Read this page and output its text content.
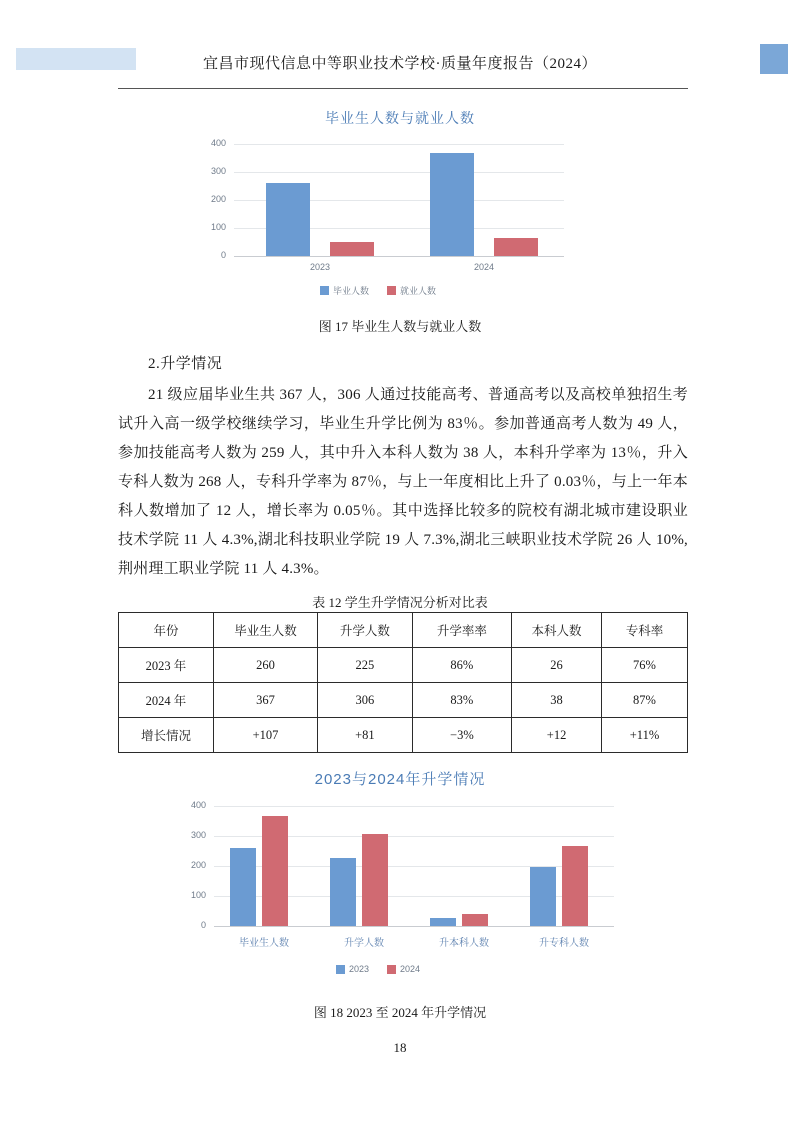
宜昌市现代信息中等职业技术学校·质量年度报告（2024）
毕业生人数与就业人数
400
300
200
100
0
2023	2024
毕业人数	就业人数
图 17 毕业生人数与就业人数
2.升学情况
21 级应届毕业生共 367 人，306 人通过技能高考、普通高考以及高校单独招生考试升入高一级学校继续学习，毕业生升学比例为 83％。参加普通高考人数为 49 人，参加技能高考人数为 259 人，其中升入本科人数为 38 人，本科升学率为 13％，升入专科人数为 268 人，专科升学率为 87％，与上一年度相比上升了 0.03％，与上一年本科人数增加了 12 人，增长率为 0.05％。其中选择比较多的院校有湖北城市建设职业技术学院 11 人 4.3%,湖北科技职业学院 19 人 7.3%,湖北三峡职业技术学院 26 人 10%,荆州理工职业学院 11 人 4.3%。
表 12 学生升学情况分析对比表
年份	毕业生人数	升学人数	升学率率	本科人数	专科率
2023 年	260	225	86%	26	76%
2024 年	367	306	83%	38	87%
增长情况	+107	+81	−3%	+12	+11%
2023与2024年升学情况
400
300
200
100
0
毕业生人数	升学人数	升本科人数	升专科人数
2023	2024
图 18 2023 至 2024 年升学情况
18
